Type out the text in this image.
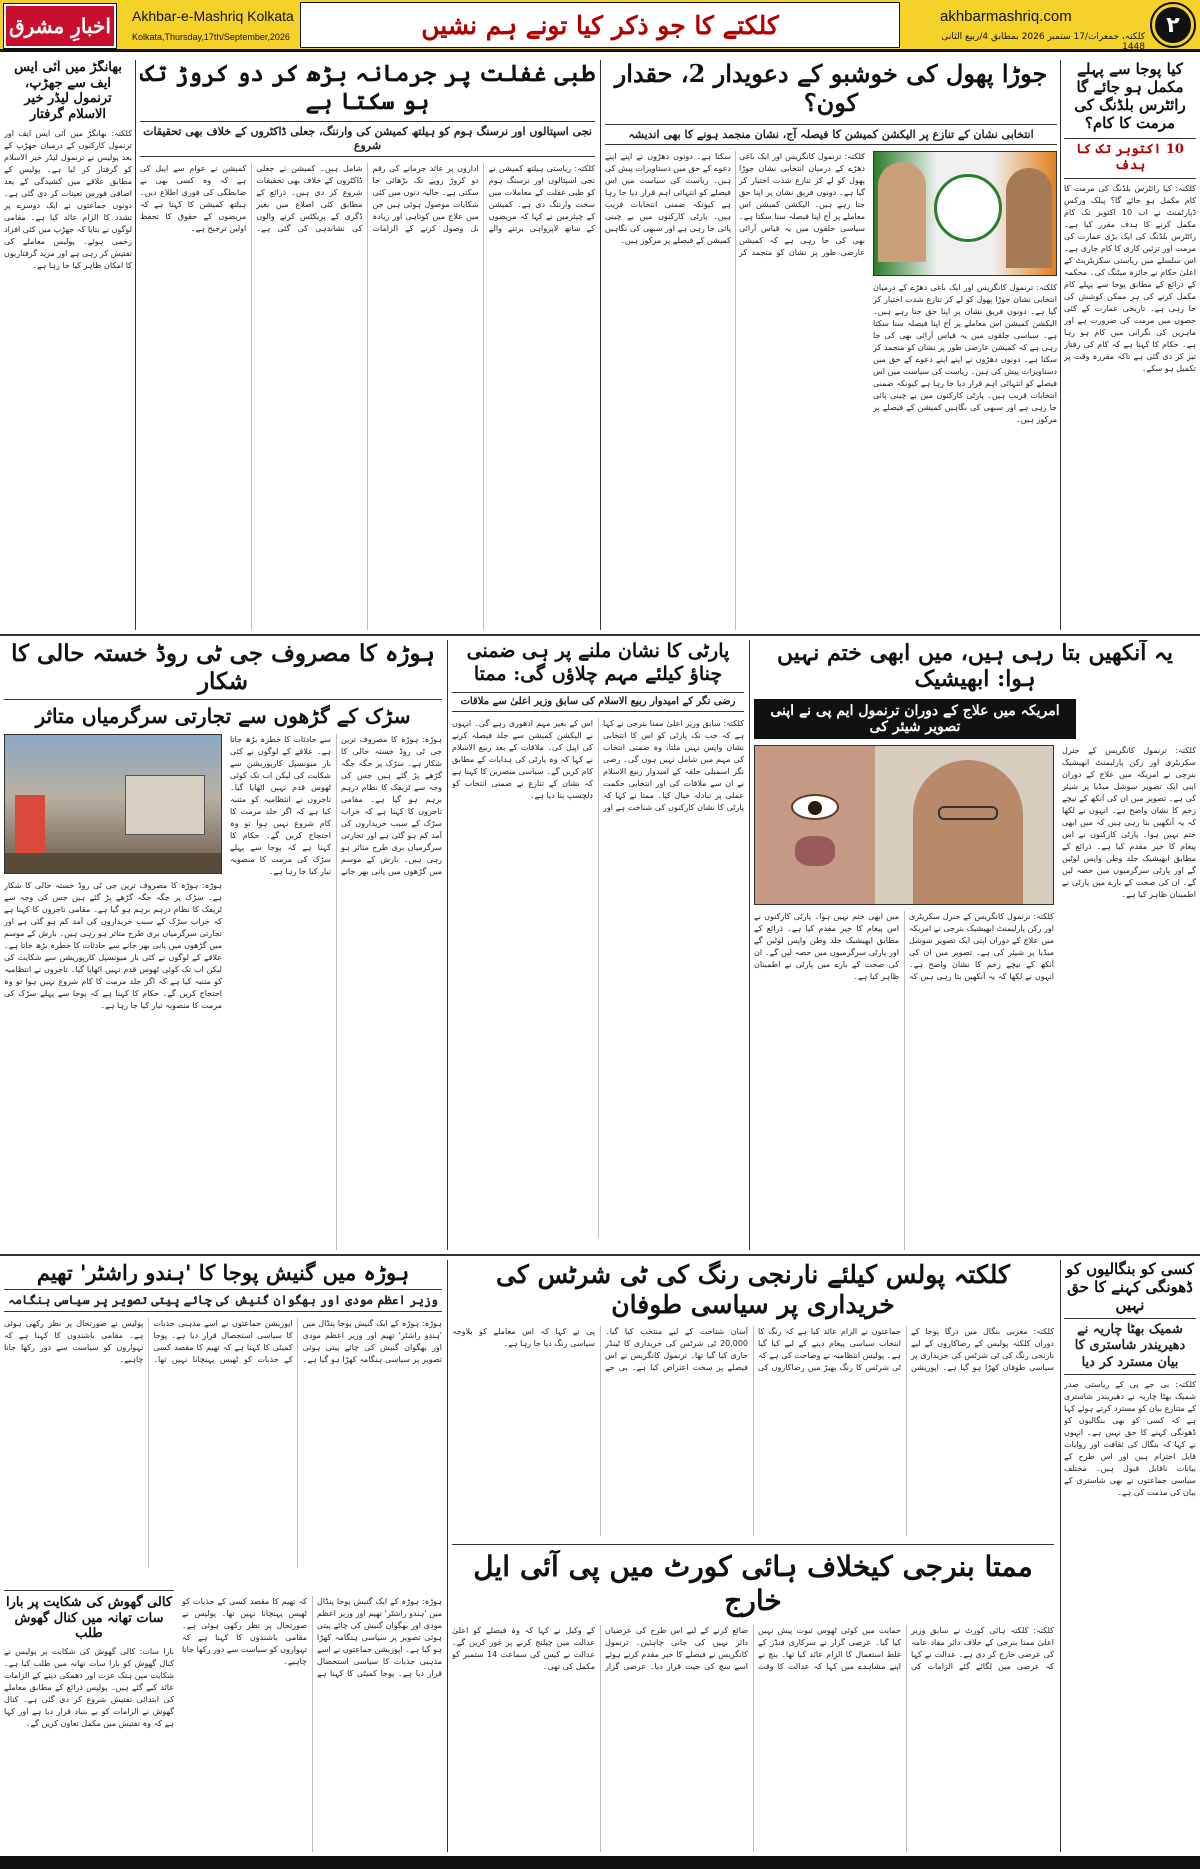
اخبارِ مشرق	Akhbar-e-Mashriq Kolkata
Kolkata,Thursday,17th/September,2026	کلکتے کا جو ذکر کیا تونے ہم نشیں	akhbarmashriq.com
کلکتہ، جمعرات/17 ستمبر 2026 بمطابق 4/ربیع الثانی 1448
۲
کیا پوجا سے پہلے مکمل ہو جائے گا رائٹرس بلڈنگ کی مرمت کا کام؟
10 اکتوبر تک کا ہدف
کلکتہ: کیا رائٹرس بلڈنگ کی مرمت کا کام مکمل ہو جائے گا؟ پبلک ورکس ڈپارٹمنٹ نے اب 10 اکتوبر تک کام مکمل کرنے کا ہدف مقرر کیا ہے۔ رائٹرس بلڈنگ کی ایک بڑی عمارت کی مرمت اور تزئین کاری کا کام جاری ہے۔ اس سلسلے میں ریاستی سکریٹریٹ کے اعلیٰ حکام نے جائزہ میٹنگ کی۔ محکمہ کے ذرائع کے مطابق پوجا سے پہلے کام مکمل کرنے کی ہر ممکن کوشش کی جا رہی ہے۔ تاریخی عمارت کے کئی حصوں میں مرمت کی ضرورت ہے اور ماہرین کی نگرانی میں کام ہو رہا ہے۔ حکام کا کہنا ہے کہ کام کی رفتار تیز کر دی گئی ہے تاکہ مقررہ وقت پر تکمیل ہو سکے۔
جوڑا پھول کی خوشبو کے دعویدار 2، حقدار کون؟
انتخابی نشان کے تنازع پر الیکشن کمیشن کا فیصلہ آج، نشان منجمد ہونے کا بھی اندیشہ
کلکتہ: ترنمول کانگریس اور ایک باغی دھڑے کے درمیان انتخابی نشان جوڑا پھول کو لے کر تنازع شدت اختیار کر گیا ہے۔ دونوں فریق نشان پر اپنا حق جتا رہے ہیں۔ الیکشن کمیشن اس معاملے پر آج اپنا فیصلہ سنا سکتا ہے۔ سیاسی حلقوں میں یہ قیاس آرائی بھی کی جا رہی ہے کہ کمیشن عارضی طور پر نشان کو منجمد کر سکتا ہے۔ دونوں دھڑوں نے اپنے اپنے دعوے کے حق میں دستاویزات پیش کی ہیں۔ ریاست کی سیاست میں اس فیصلے کو انتہائی اہم قرار دیا جا رہا ہے کیونکہ ضمنی انتخابات قریب ہیں۔ پارٹی کارکنوں میں بے چینی پائی جا رہی ہے اور سبھی کی نگاہیں کمیشن کے فیصلے پر مرکوز ہیں۔
کلکتہ: ترنمول کانگریس اور ایک باغی دھڑے کے درمیان انتخابی نشان جوڑا پھول کو لے کر تنازع شدت اختیار کر گیا ہے۔ دونوں فریق نشان پر اپنا حق جتا رہے ہیں۔ الیکشن کمیشن اس معاملے پر آج اپنا فیصلہ سنا سکتا ہے۔ سیاسی حلقوں میں یہ قیاس آرائی بھی کی جا رہی ہے کہ کمیشن عارضی طور پر نشان کو منجمد کر سکتا ہے۔ دونوں دھڑوں نے اپنے اپنے دعوے کے حق میں دستاویزات پیش کی ہیں۔ ریاست کی سیاست میں اس فیصلے کو انتہائی اہم قرار دیا جا رہا ہے کیونکہ ضمنی انتخابات قریب ہیں۔ پارٹی کارکنوں میں بے چینی پائی جا رہی ہے اور سبھی کی نگاہیں کمیشن کے فیصلے پر مرکوز ہیں۔
طبی غفلت پر جرمانہ بڑھ کر دو کروڑ تک ہو سکتا ہے
نجی اسپتالوں اور نرسنگ ہوم کو ہیلتھ کمیشن کی وارننگ، جعلی ڈاکٹروں کے خلاف بھی تحقیقات شروع
کلکتہ: ریاستی ہیلتھ کمیشن نے نجی اسپتالوں اور نرسنگ ہوم کو طبی غفلت کے معاملات میں سخت وارننگ دی ہے۔ کمیشن کے چیئرمین نے کہا کہ مریضوں کے ساتھ لاپرواہی برتنے والے اداروں پر عائد جرمانے کی رقم دو کروڑ روپے تک بڑھائی جا سکتی ہے۔ حالیہ دنوں میں کئی شکایات موصول ہوئی ہیں جن میں علاج میں کوتاہی اور زیادہ بل وصول کرنے کے الزامات شامل ہیں۔ کمیشن نے جعلی ڈاکٹروں کے خلاف بھی تحقیقات شروع کر دی ہیں۔ ذرائع کے مطابق کئی اضلاع میں بغیر ڈگری کے پریکٹس کرنے والوں کی نشاندہی کی گئی ہے۔ کمیشن نے عوام سے اپیل کی ہے کہ وہ کسی بھی بے ضابطگی کی فوری اطلاع دیں۔ ہیلتھ کمیشن کا کہنا ہے کہ مریضوں کے حقوق کا تحفظ اولین ترجیح ہے۔
بھانگڑ میں آئی ایس ایف سے جھڑپ، ترنمول لیڈر خیر الاسلام گرفتار
کلکتہ: بھانگڑ میں آئی ایس ایف اور ترنمول کارکنوں کے درمیان جھڑپ کے بعد پولیس نے ترنمول لیڈر خیر الاسلام کو گرفتار کر لیا ہے۔ پولیس کے مطابق علاقے میں کشیدگی کے بعد اضافی فورس تعینات کر دی گئی ہے۔ دونوں جماعتوں نے ایک دوسرے پر تشدد کا الزام عائد کیا ہے۔ مقامی لوگوں نے بتایا کہ جھڑپ میں کئی افراد زخمی ہوئے۔ پولیس معاملے کی تفتیش کر رہی ہے اور مزید گرفتاریوں کا امکان ظاہر کیا جا رہا ہے۔
یہ آنکھیں بتا رہی ہیں، میں ابھی ختم نہیں ہوا: ابھیشیک
امریکہ میں علاج کے دوران ترنمول ایم پی نے اپنی تصویر شیئر کی
کلکتہ: ترنمول کانگریس کے جنرل سکریٹری اور رکن پارلیمنٹ ابھیشیک بنرجی نے امریکہ میں علاج کے دوران اپنی ایک تصویر سوشل میڈیا پر شیئر کی ہے۔ تصویر میں ان کی آنکھ کے نیچے زخم کا نشان واضح ہے۔ انہوں نے لکھا کہ یہ آنکھیں بتا رہی ہیں کہ میں ابھی ختم نہیں ہوا۔ پارٹی کارکنوں نے اس پیغام کا خیر مقدم کیا ہے۔ ذرائع کے مطابق ابھیشیک جلد وطن واپس لوٹیں گے اور پارٹی سرگرمیوں میں حصہ لیں گے۔ ان کی صحت کے بارے میں پارٹی نے اطمینان ظاہر کیا ہے۔
کلکتہ: ترنمول کانگریس کے جنرل سکریٹری اور رکن پارلیمنٹ ابھیشیک بنرجی نے امریکہ میں علاج کے دوران اپنی ایک تصویر سوشل میڈیا پر شیئر کی ہے۔ تصویر میں ان کی آنکھ کے نیچے زخم کا نشان واضح ہے۔ انہوں نے لکھا کہ یہ آنکھیں بتا رہی ہیں کہ میں ابھی ختم نہیں ہوا۔ پارٹی کارکنوں نے اس پیغام کا خیر مقدم کیا ہے۔ ذرائع کے مطابق ابھیشیک جلد وطن واپس لوٹیں گے اور پارٹی سرگرمیوں میں حصہ لیں گے۔ ان کی صحت کے بارے میں پارٹی نے اطمینان ظاہر کیا ہے۔
پارٹی کا نشان ملنے پر ہی ضمنی چناؤ کیلئے مہم چلاؤں گی: ممتا
رضی نگر کے امیدوار ربیع الاسلام کی سابق وزیر اعلیٰ سے ملاقات
کلکتہ: سابق وزیر اعلیٰ ممتا بنرجی نے کہا ہے کہ جب تک پارٹی کو اس کا انتخابی نشان واپس نہیں ملتا، وہ ضمنی انتخاب کی مہم میں شامل نہیں ہوں گی۔ رضی نگر اسمبلی حلقہ کے امیدوار ربیع الاسلام نے ان سے ملاقات کی اور انتخابی حکمت عملی پر تبادلہ خیال کیا۔ ممتا نے کہا کہ پارٹی کا نشان کارکنوں کی شناخت ہے اور اس کے بغیر مہم ادھوری رہے گی۔ انہوں نے الیکشن کمیشن سے جلد فیصلہ کرنے کی اپیل کی۔ ملاقات کے بعد ربیع الاسلام نے کہا کہ وہ پارٹی کی ہدایات کے مطابق کام کریں گے۔ سیاسی مبصرین کا کہنا ہے کہ نشان کے تنازع نے ضمنی انتخاب کو دلچسپ بنا دیا ہے۔
ہوڑہ کا مصروف جی ٹی روڈ خستہ حالی کا شکار
سڑک کے گڑھوں سے تجارتی سرگرمیاں متاثر
ہوڑہ: ہوڑہ کا مصروف ترین جی ٹی روڈ خستہ حالی کا شکار ہے۔ سڑک پر جگہ جگہ گڑھے پڑ گئے ہیں جس کی وجہ سے ٹریفک کا نظام درہم برہم ہو گیا ہے۔ مقامی تاجروں کا کہنا ہے کہ خراب سڑک کے سبب خریداروں کی آمد کم ہو گئی ہے اور تجارتی سرگرمیاں بری طرح متاثر ہو رہی ہیں۔ بارش کے موسم میں گڑھوں میں پانی بھر جانے سے حادثات کا خطرہ بڑھ جاتا ہے۔ علاقے کے لوگوں نے کئی بار میونسپل کارپوریشن سے شکایت کی لیکن اب تک کوئی ٹھوس قدم نہیں اٹھایا گیا۔ تاجروں نے انتظامیہ کو متنبہ کیا ہے کہ اگر جلد مرمت کا کام شروع نہیں ہوا تو وہ احتجاج کریں گے۔ حکام کا کہنا ہے کہ پوجا سے پہلے سڑک کی مرمت کا منصوبہ تیار کیا جا رہا ہے۔
ہوڑہ: ہوڑہ کا مصروف ترین جی ٹی روڈ خستہ حالی کا شکار ہے۔ سڑک پر جگہ جگہ گڑھے پڑ گئے ہیں جس کی وجہ سے ٹریفک کا نظام درہم برہم ہو گیا ہے۔ مقامی تاجروں کا کہنا ہے کہ خراب سڑک کے سبب خریداروں کی آمد کم ہو گئی ہے اور تجارتی سرگرمیاں بری طرح متاثر ہو رہی ہیں۔ بارش کے موسم میں گڑھوں میں پانی بھر جانے سے حادثات کا خطرہ بڑھ جاتا ہے۔ علاقے کے لوگوں نے کئی بار میونسپل کارپوریشن سے شکایت کی لیکن اب تک کوئی ٹھوس قدم نہیں اٹھایا گیا۔ تاجروں نے انتظامیہ کو متنبہ کیا ہے کہ اگر جلد مرمت کا کام شروع نہیں ہوا تو وہ احتجاج کریں گے۔ حکام کا کہنا ہے کہ پوجا سے پہلے سڑک کی مرمت کا منصوبہ تیار کیا جا رہا ہے۔
کسی کو بنگالیوں کو ڈھونگی کہنے کا حق نہیں
شمیک بھٹا چاریہ نے دھیریندر شاستری کا بیان مسترد کر دیا
کلکتہ: بی جے پی کے ریاستی صدر شمیک بھٹا چاریہ نے دھیریندر شاستری کے متنازع بیان کو مسترد کرتے ہوئے کہا ہے کہ کسی کو بھی بنگالیوں کو ڈھونگی کہنے کا حق نہیں ہے۔ انہوں نے کہا کہ بنگال کی ثقافت اور روایات قابل احترام ہیں اور اس طرح کے بیانات ناقابل قبول ہیں۔ مختلف سیاسی جماعتوں نے بھی شاستری کے بیان کی مذمت کی ہے۔
کلکتہ پولس کیلئے نارنجی رنگ کی ٹی شرٹس کی خریداری پر سیاسی طوفان
کلکتہ: مغربی بنگال میں درگا پوجا کے دوران کلکتہ پولیس کے رضاکاروں کے لیے نارنجی رنگ کی ٹی شرٹس کی خریداری پر سیاسی طوفان کھڑا ہو گیا ہے۔ اپوزیشن جماعتوں نے الزام عائد کیا ہے کہ رنگ کا انتخاب سیاسی پیغام دینے کے لیے کیا گیا ہے۔ پولیس انتظامیہ نے وضاحت کی ہے کہ ٹی شرٹس کا رنگ بھیڑ میں رضاکاروں کی آسان شناخت کے لیے منتخب کیا گیا۔ 20,000 ٹی شرٹس کی خریداری کا ٹینڈر جاری کیا گیا تھا۔ ترنمول کانگریس نے اس فیصلے پر سخت اعتراض کیا ہے۔ بی جے پی نے کہا کہ اس معاملے کو بلاوجہ سیاسی رنگ دیا جا رہا ہے۔
ممتا بنرجی کیخلاف ہائی کورٹ میں پی آئی ایل خارج
کلکتہ: کلکتہ ہائی کورٹ نے سابق وزیر اعلیٰ ممتا بنرجی کے خلاف دائر مفاد عامہ کی عرضی خارج کر دی ہے۔ عدالت نے کہا کہ عرضی میں لگائے گئے الزامات کی حمایت میں کوئی ٹھوس ثبوت پیش نہیں کیا گیا۔ عرضی گزار نے سرکاری فنڈز کے غلط استعمال کا الزام عائد کیا تھا۔ بنچ نے اپنے مشاہدے میں کہا کہ عدالت کا وقت ضائع کرنے کے لیے اس طرح کی عرضیاں دائر نہیں کی جانی چاہئیں۔ ترنمول کانگریس نے فیصلے کا خیر مقدم کرتے ہوئے اسے سچ کی جیت قرار دیا۔ عرضی گزار کے وکیل نے کہا کہ وہ فیصلے کو اعلیٰ عدالت میں چیلنج کرنے پر غور کریں گے۔ عدالت نے کیس کی سماعت 14 ستمبر کو مکمل کی تھی۔
ہوڑہ میں گنیش پوجا کا 'ہندو راشٹر' تھیم
وزیر اعظم مودی اور بھگوان گنیش کی چائے پیتی تصویر پر سیاسی ہنگامہ
ہوڑہ: ہوڑہ کے ایک گنیش پوجا پنڈال میں 'ہندو راشٹر' تھیم اور وزیر اعظم مودی اور بھگوان گنیش کی چائے پیتی ہوئی تصویر پر سیاسی ہنگامہ کھڑا ہو گیا ہے۔ اپوزیشن جماعتوں نے اسے مذہبی جذبات کا سیاسی استحصال قرار دیا ہے۔ پوجا کمیٹی کا کہنا ہے کہ تھیم کا مقصد کسی کے جذبات کو ٹھیس پہنچانا نہیں تھا۔ پولیس نے صورتحال پر نظر رکھی ہوئی ہے۔ مقامی باشندوں کا کہنا ہے کہ تہواروں کو سیاست سے دور رکھا جانا چاہیے۔
کالی گھوش کی شکایت پر بارا سات تھانہ میں کنال گھوش طلب
بارا سات: کالی گھوش کی شکایت پر پولیس نے کنال گھوش کو بارا سات تھانہ میں طلب کیا ہے۔ شکایت میں ہتک عزت اور دھمکی دینے کے الزامات عائد کیے گئے ہیں۔ پولیس ذرائع کے مطابق معاملے کی ابتدائی تفتیش شروع کر دی گئی ہے۔ کنال گھوش نے الزامات کو بے بنیاد قرار دیا ہے اور کہا ہے کہ وہ تفتیش میں مکمل تعاون کریں گے۔
ہوڑہ: ہوڑہ کے ایک گنیش پوجا پنڈال میں 'ہندو راشٹر' تھیم اور وزیر اعظم مودی اور بھگوان گنیش کی چائے پیتی ہوئی تصویر پر سیاسی ہنگامہ کھڑا ہو گیا ہے۔ اپوزیشن جماعتوں نے اسے مذہبی جذبات کا سیاسی استحصال قرار دیا ہے۔ پوجا کمیٹی کا کہنا ہے کہ تھیم کا مقصد کسی کے جذبات کو ٹھیس پہنچانا نہیں تھا۔ پولیس نے صورتحال پر نظر رکھی ہوئی ہے۔ مقامی باشندوں کا کہنا ہے کہ تہواروں کو سیاست سے دور رکھا جانا چاہیے۔
